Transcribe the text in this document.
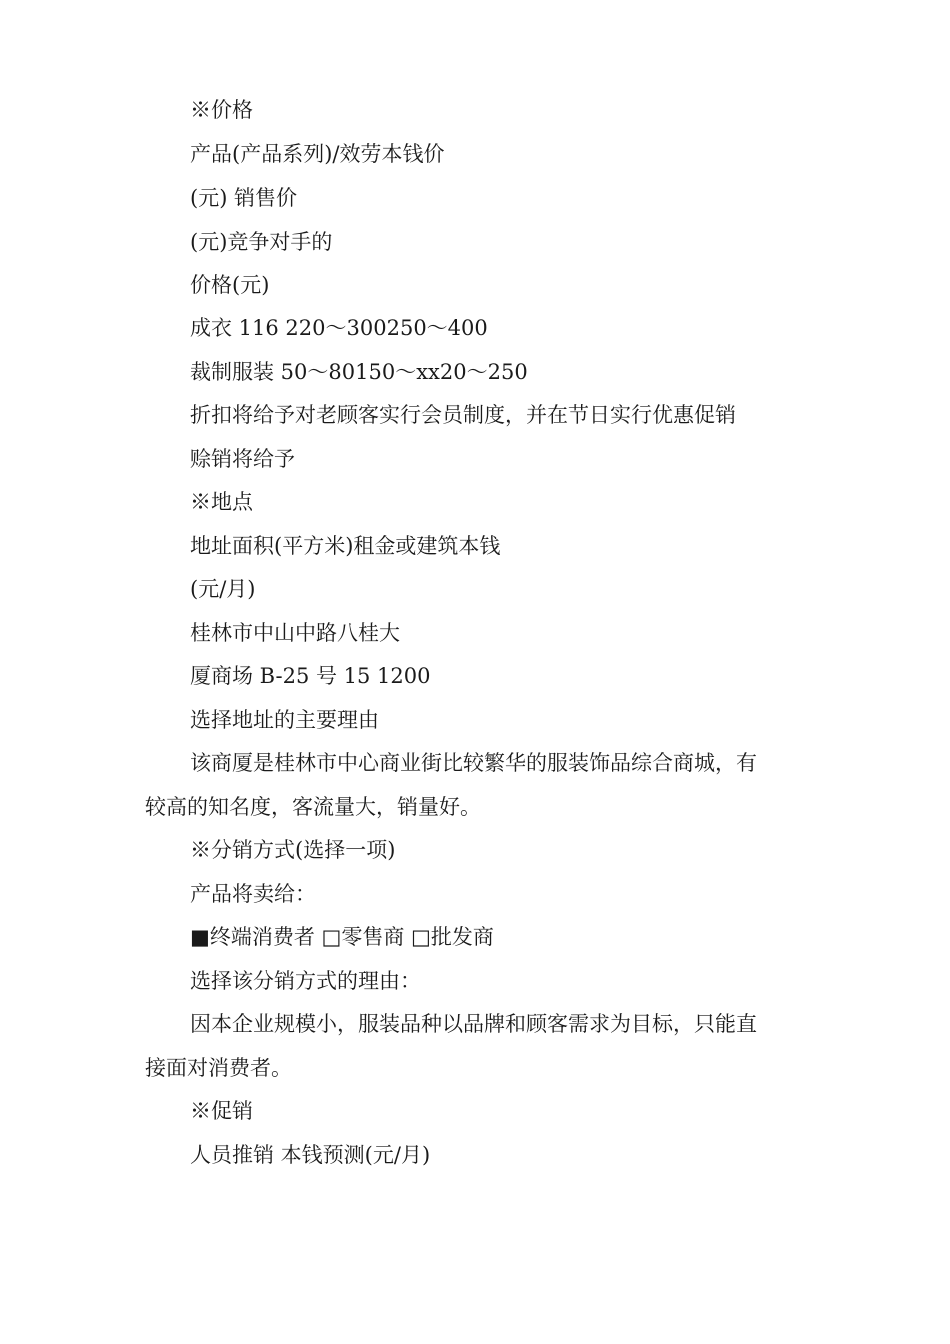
※价格
产品(产品系列)/效劳本钱价
(元) 销售价
(元)竞争对手的
价格(元)
成衣 116 220～300250～400
裁制服装 50～80150～xx20～250
折扣将给予对老顾客实行会员制度，并在节日实行优惠促销
赊销将给予
※地点
地址面积(平方米)租金或建筑本钱
(元/月)
桂林市中山中路八桂大
厦商场 B-25 号 15 1200
选择地址的主要理由
该商厦是桂林市中心商业街比较繁华的服装饰品综合商城，有
较高的知名度，客流量大，销量好。
※分销方式(选择一项)
产品将卖给：
■终端消费者 □零售商 □批发商
选择该分销方式的理由：
因本企业规模小，服装品种以品牌和顾客需求为目标，只能直
接面对消费者。
※促销
人员推销 本钱预测(元/月)
